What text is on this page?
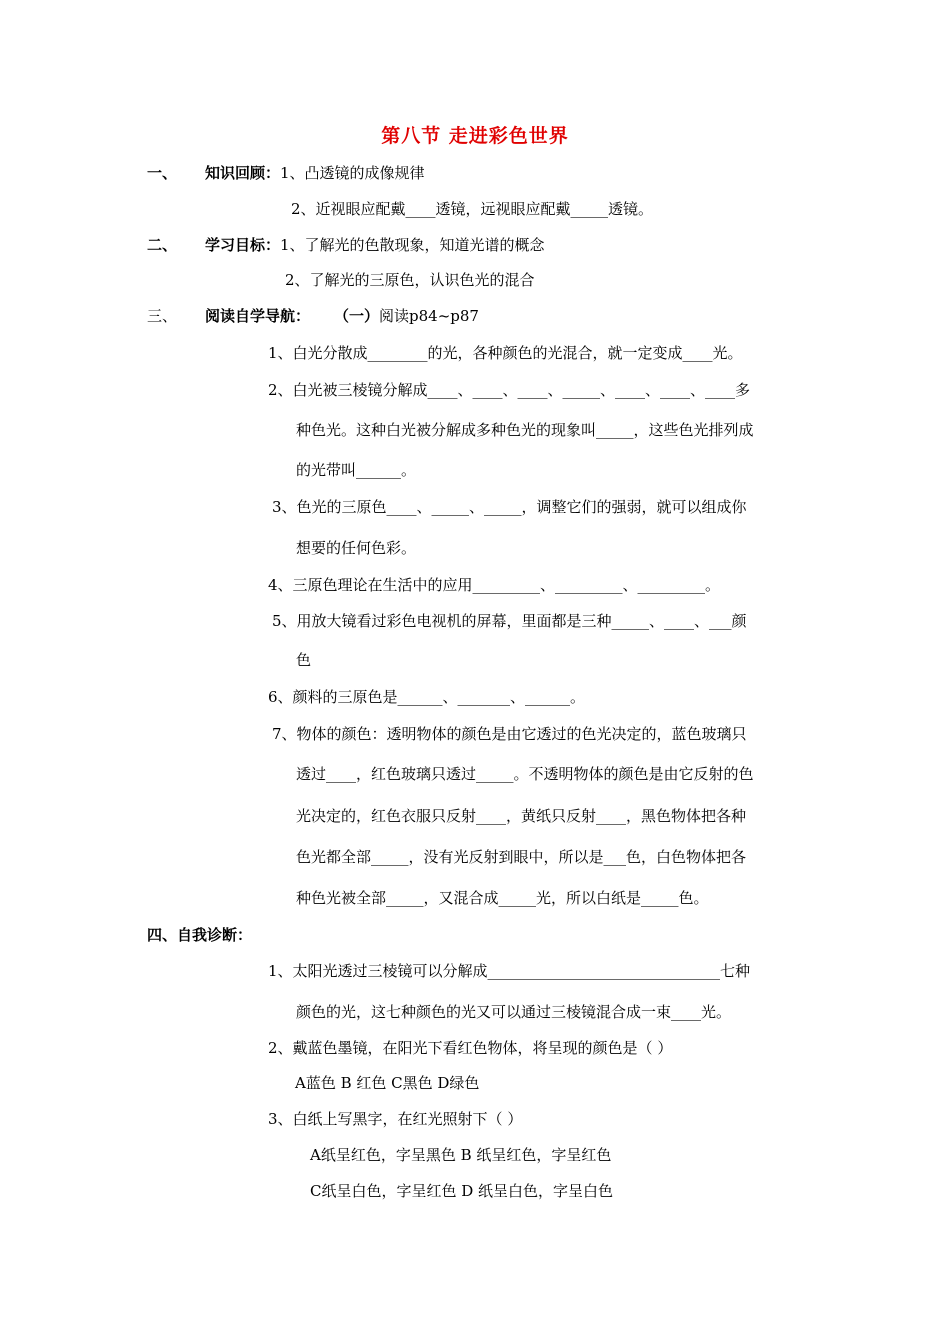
第八节 走进彩色世界
一、 知识回顾：1、凸透镜的成像规律
2、近视眼应配戴____透镜，远视眼应配戴_____透镜。
二、 学习目标：1、了解光的色散现象，知道光谱的概念
2、了解光的三原色，认识色光的混合
三、 阅读自学导航： （一）阅读p84~p87
1、白光分散成________的光，各种颜色的光混合，就一定变成____光。
2、白光被三棱镜分解成____、____、____、_____、____、____、____多
种色光。这种白光被分解成多种色光的现象叫_____，这些色光排列成
的光带叫______。
3、色光的三原色____、_____、_____，调整它们的强弱，就可以组成你
想要的任何色彩。
4、三原色理论在生活中的应用_________、_________、_________。
5、用放大镜看过彩色电视机的屏幕，里面都是三种_____、____、___颜
色
6、颜料的三原色是______、_______、______。
7、物体的颜色：透明物体的颜色是由它透过的色光决定的，蓝色玻璃只
透过____，红色玻璃只透过_____。不透明物体的颜色是由它反射的色
光决定的，红色衣服只反射____，黄纸只反射____，黑色物体把各种
色光都全部_____，没有光反射到眼中，所以是___色，白色物体把各
种色光被全部_____，又混合成_____光，所以白纸是_____色。
四、自我诊断：
1、太阳光透过三棱镜可以分解成_______________________________七种
颜色的光，这七种颜色的光又可以通过三棱镜混合成一束____光。
2、戴蓝色墨镜，在阳光下看红色物体，将呈现的颜色是（ ）
A蓝色 B 红色 C黑色 D绿色
3、白纸上写黑字，在红光照射下（ ）
A纸呈红色，字呈黑色 B 纸呈红色，字呈红色
C纸呈白色，字呈红色 D 纸呈白色，字呈白色
